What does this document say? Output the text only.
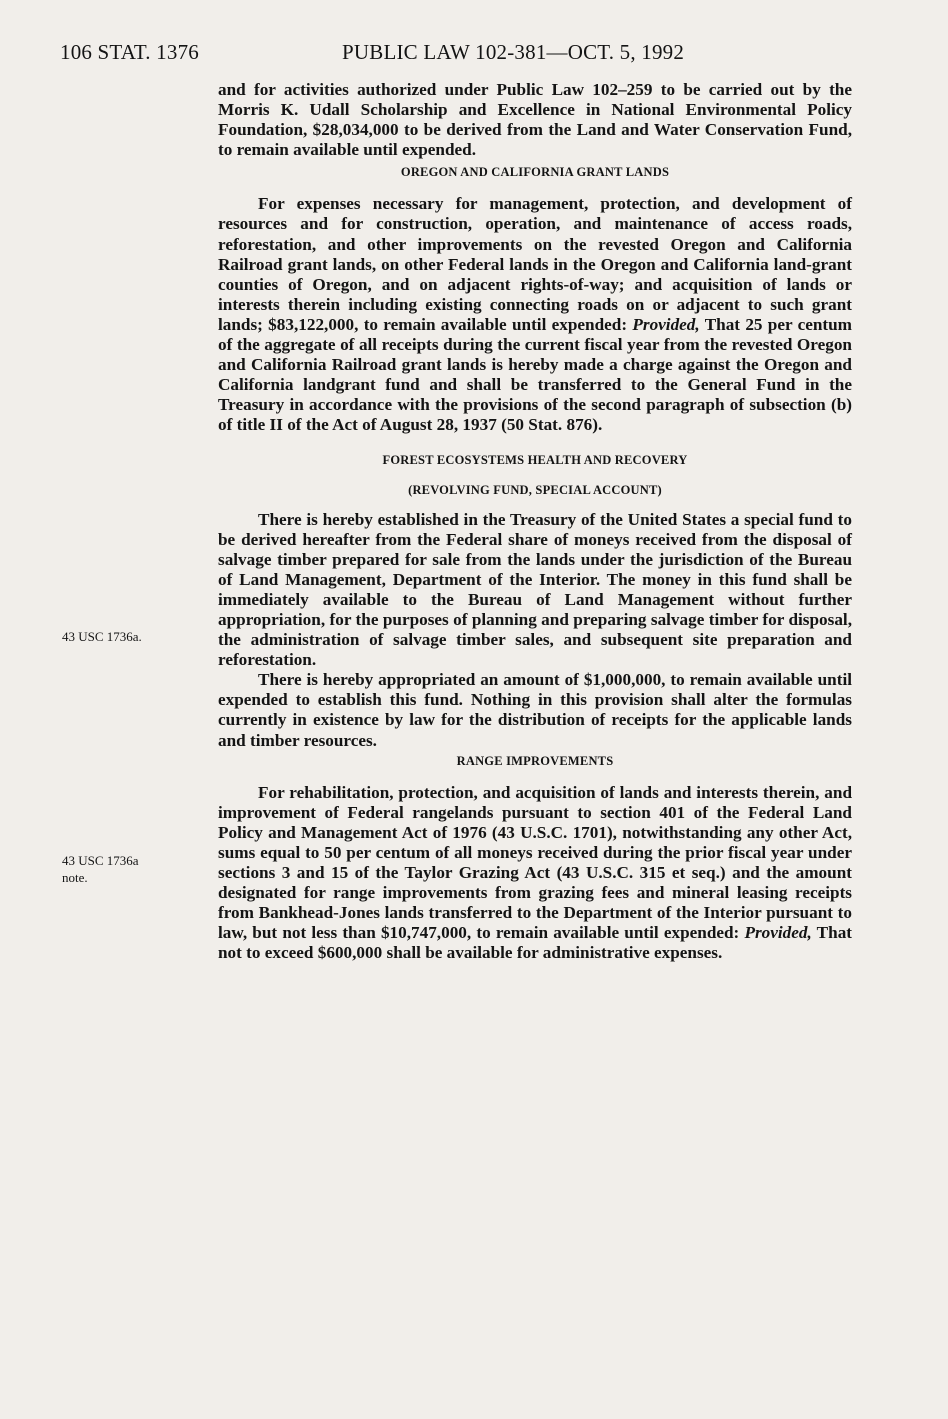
106 STAT. 1376	PUBLIC LAW 102-381—OCT. 5, 1992
43 USC 1736a.
43 USC 1736a
note.

and for activities authorized under Public Law 102–259 to be carried out by the Morris K. Udall Scholarship and Excellence in National Environmental Policy Foundation, $28,034,000 to be derived from the Land and Water Conservation Fund, to remain available until expended.

OREGON AND CALIFORNIA GRANT LANDS

For expenses necessary for management, protection, and development of resources and for construction, operation, and maintenance of access roads, reforestation, and other improvements on the revested Oregon and California Railroad grant lands, on other Federal lands in the Oregon and California land-grant counties of Oregon, and on adjacent rights-of-way; and acquisition of lands or interests therein including existing connecting roads on or adjacent to such grant lands; $83,122,000, to remain available until expended: Provided, That 25 per centum of the aggregate of all receipts during the current fiscal year from the revested Oregon and California Railroad grant lands is hereby made a charge against the Oregon and California landgrant fund and shall be transferred to the General Fund in the Treasury in accordance with the provisions of the second paragraph of subsection (b) of title II of the Act of August 28, 1937 (50 Stat. 876).

FOREST ECOSYSTEMS HEALTH AND RECOVERY
(REVOLVING FUND, SPECIAL ACCOUNT)

There is hereby established in the Treasury of the United States a special fund to be derived hereafter from the Federal share of moneys received from the disposal of salvage timber prepared for sale from the lands under the jurisdiction of the Bureau of Land Management, Department of the Interior. The money in this fund shall be immediately available to the Bureau of Land Management without further appropriation, for the purposes of planning and preparing salvage timber for disposal, the administration of salvage timber sales, and subsequent site preparation and reforestation.

There is hereby appropriated an amount of $1,000,000, to remain available until expended to establish this fund. Nothing in this provision shall alter the formulas currently in existence by law for the distribution of receipts for the applicable lands and timber resources.

RANGE IMPROVEMENTS

For rehabilitation, protection, and acquisition of lands and interests therein, and improvement of Federal rangelands pursuant to section 401 of the Federal Land Policy and Management Act of 1976 (43 U.S.C. 1701), notwithstanding any other Act, sums equal to 50 per centum of all moneys received during the prior fiscal year under sections 3 and 15 of the Taylor Grazing Act (43 U.S.C. 315 et seq.) and the amount designated for range improvements from grazing fees and mineral leasing receipts from Bankhead-Jones lands transferred to the Department of the Interior pursuant to law, but not less than $10,747,000, to remain available until expended: Provided, That not to exceed $600,000 shall be available for administrative expenses.
